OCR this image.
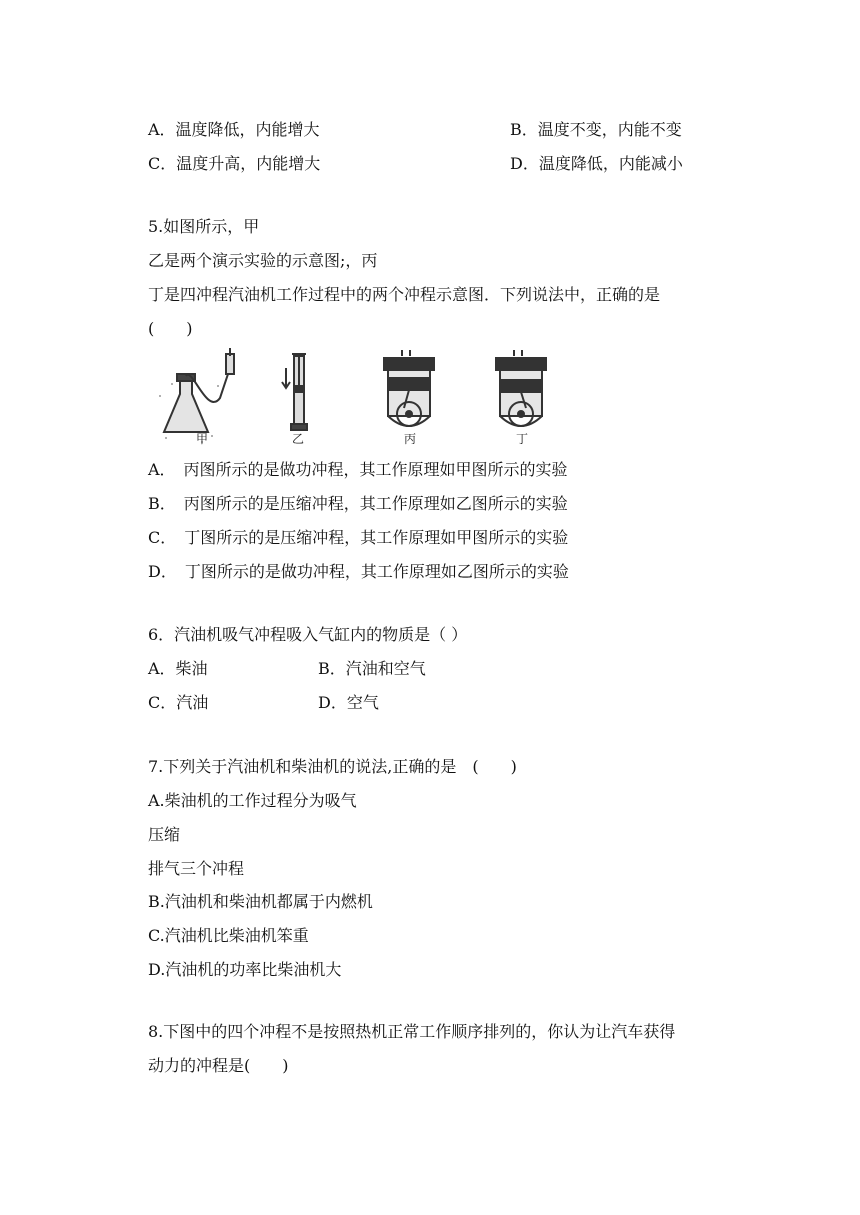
A．温度降低，内能增大	B．温度不变，内能不变
C．温度升高，内能增大	D．温度降低，内能减小
5.如图所示，甲
乙是两个演示实验的示意图;，丙
丁是四冲程汽油机工作过程中的两个冲程示意图．下列说法中，正确的是
(　　)
甲	乙	丙	丁
A．　丙图所示的是做功冲程，其工作原理如甲图所示的实验
B．　丙图所示的是压缩冲程，其工作原理如乙图所示的实验
C．　丁图所示的是压缩冲程，其工作原理如甲图所示的实验
D．　丁图所示的是做功冲程，其工作原理如乙图所示的实验
6．汽油机吸气冲程吸入气缸内的物质是（ ）
A．柴油	B．汽油和空气
C．汽油	D．空气
7.下列关于汽油机和柴油机的说法,正确的是　(　　)
A.柴油机的工作过程分为吸气
压缩
排气三个冲程
B.汽油机和柴油机都属于内燃机
C.汽油机比柴油机笨重
D.汽油机的功率比柴油机大
8.下图中的四个冲程不是按照热机正常工作顺序排列的，你认为让汽车获得
动力的冲程是(　　)
